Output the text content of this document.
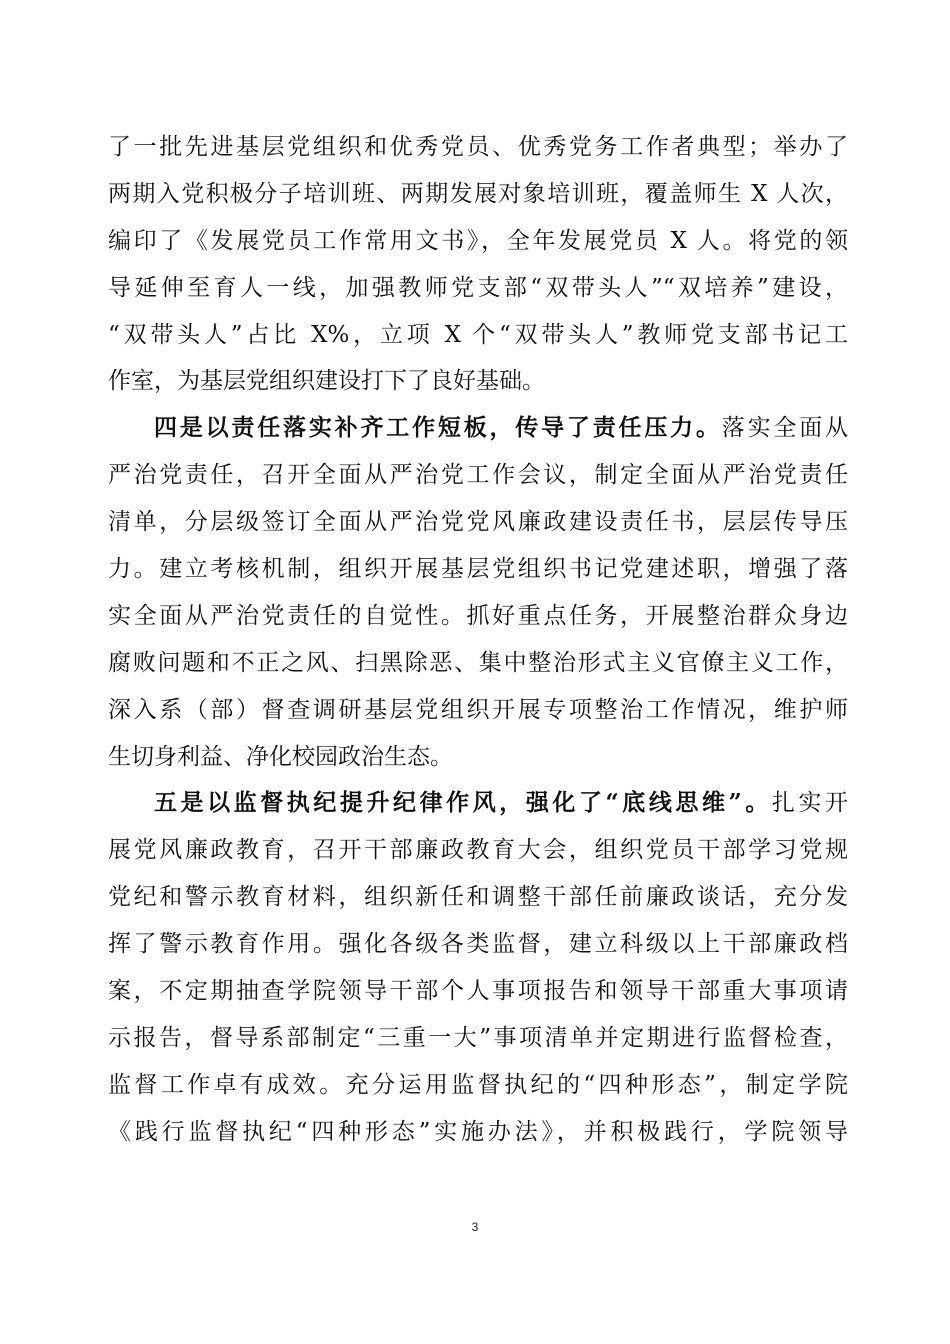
了一批先进基层党组织和优秀党员、优秀党务工作者典型；举办了
两期入党积极分子培训班、两期发展对象培训班，覆盖师生 X 人次，
编印了《发展党员工作常用文书》，全年发展党员 X 人。将党的领
导延伸至育人一线，加强教师党支部“双带头人”“双培养”建设，
“双带头人”占比 X%，立项 X 个“双带头人”教师党支部书记工
作室，为基层党组织建设打下了良好基础。
四是以责任落实补齐工作短板，传导了责任压力。落实全面从
严治党责任，召开全面从严治党工作会议，制定全面从严治党责任
清单，分层级签订全面从严治党党风廉政建设责任书，层层传导压
力。建立考核机制，组织开展基层党组织书记党建述职，增强了落
实全面从严治党责任的自觉性。抓好重点任务，开展整治群众身边
腐败问题和不正之风、扫黑除恶、集中整治形式主义官僚主义工作，
深入系（部）督查调研基层党组织开展专项整治工作情况，维护师
生切身利益、净化校园政治生态。
五是以监督执纪提升纪律作风，强化了“底线思维”。扎实开
展党风廉政教育，召开干部廉政教育大会，组织党员干部学习党规
党纪和警示教育材料，组织新任和调整干部任前廉政谈话，充分发
挥了警示教育作用。强化各级各类监督，建立科级以上干部廉政档
案，不定期抽查学院领导干部个人事项报告和领导干部重大事项请
示报告，督导系部制定“三重一大”事项清单并定期进行监督检查，
监督工作卓有成效。充分运用监督执纪的“四种形态”，制定学院
《践行监督执纪“四种形态”实施办法》，并积极践行，学院领导
3
